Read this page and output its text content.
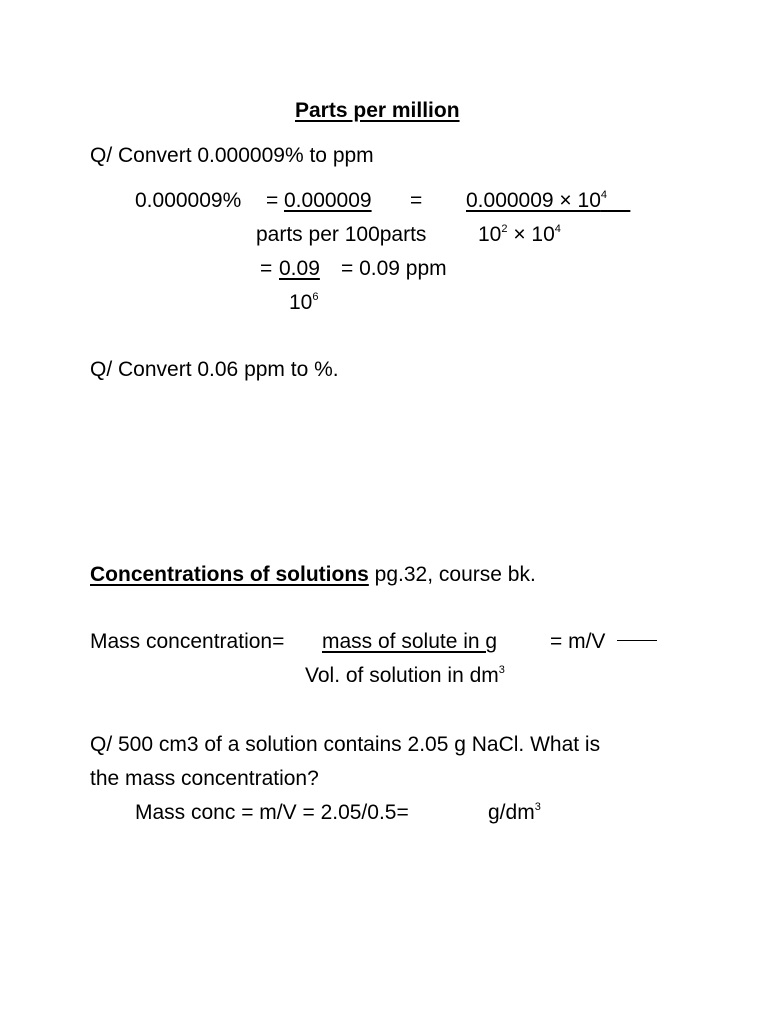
Parts per million
Q/ Convert 0.000009% to ppm
$0.000009\% = 0.000009 = 0.000009 \times 10^4$
parts per 100parts $10^2 \times 10^4$
= 0.09 = 0.09 ppm
$10^6$
Q/ Convert 0.06 ppm to %.
Concentrations of solutions pg.32, course bk.
Mass concentration= mass of solute in g	= m/V
Vol. of solution in $dm^3$
Q/ 500 cm3 of a solution contains 2.05 g NaCl. What is
the mass concentration?
Mass conc = m/V = 2.05/0.5=	$g/dm^3$
